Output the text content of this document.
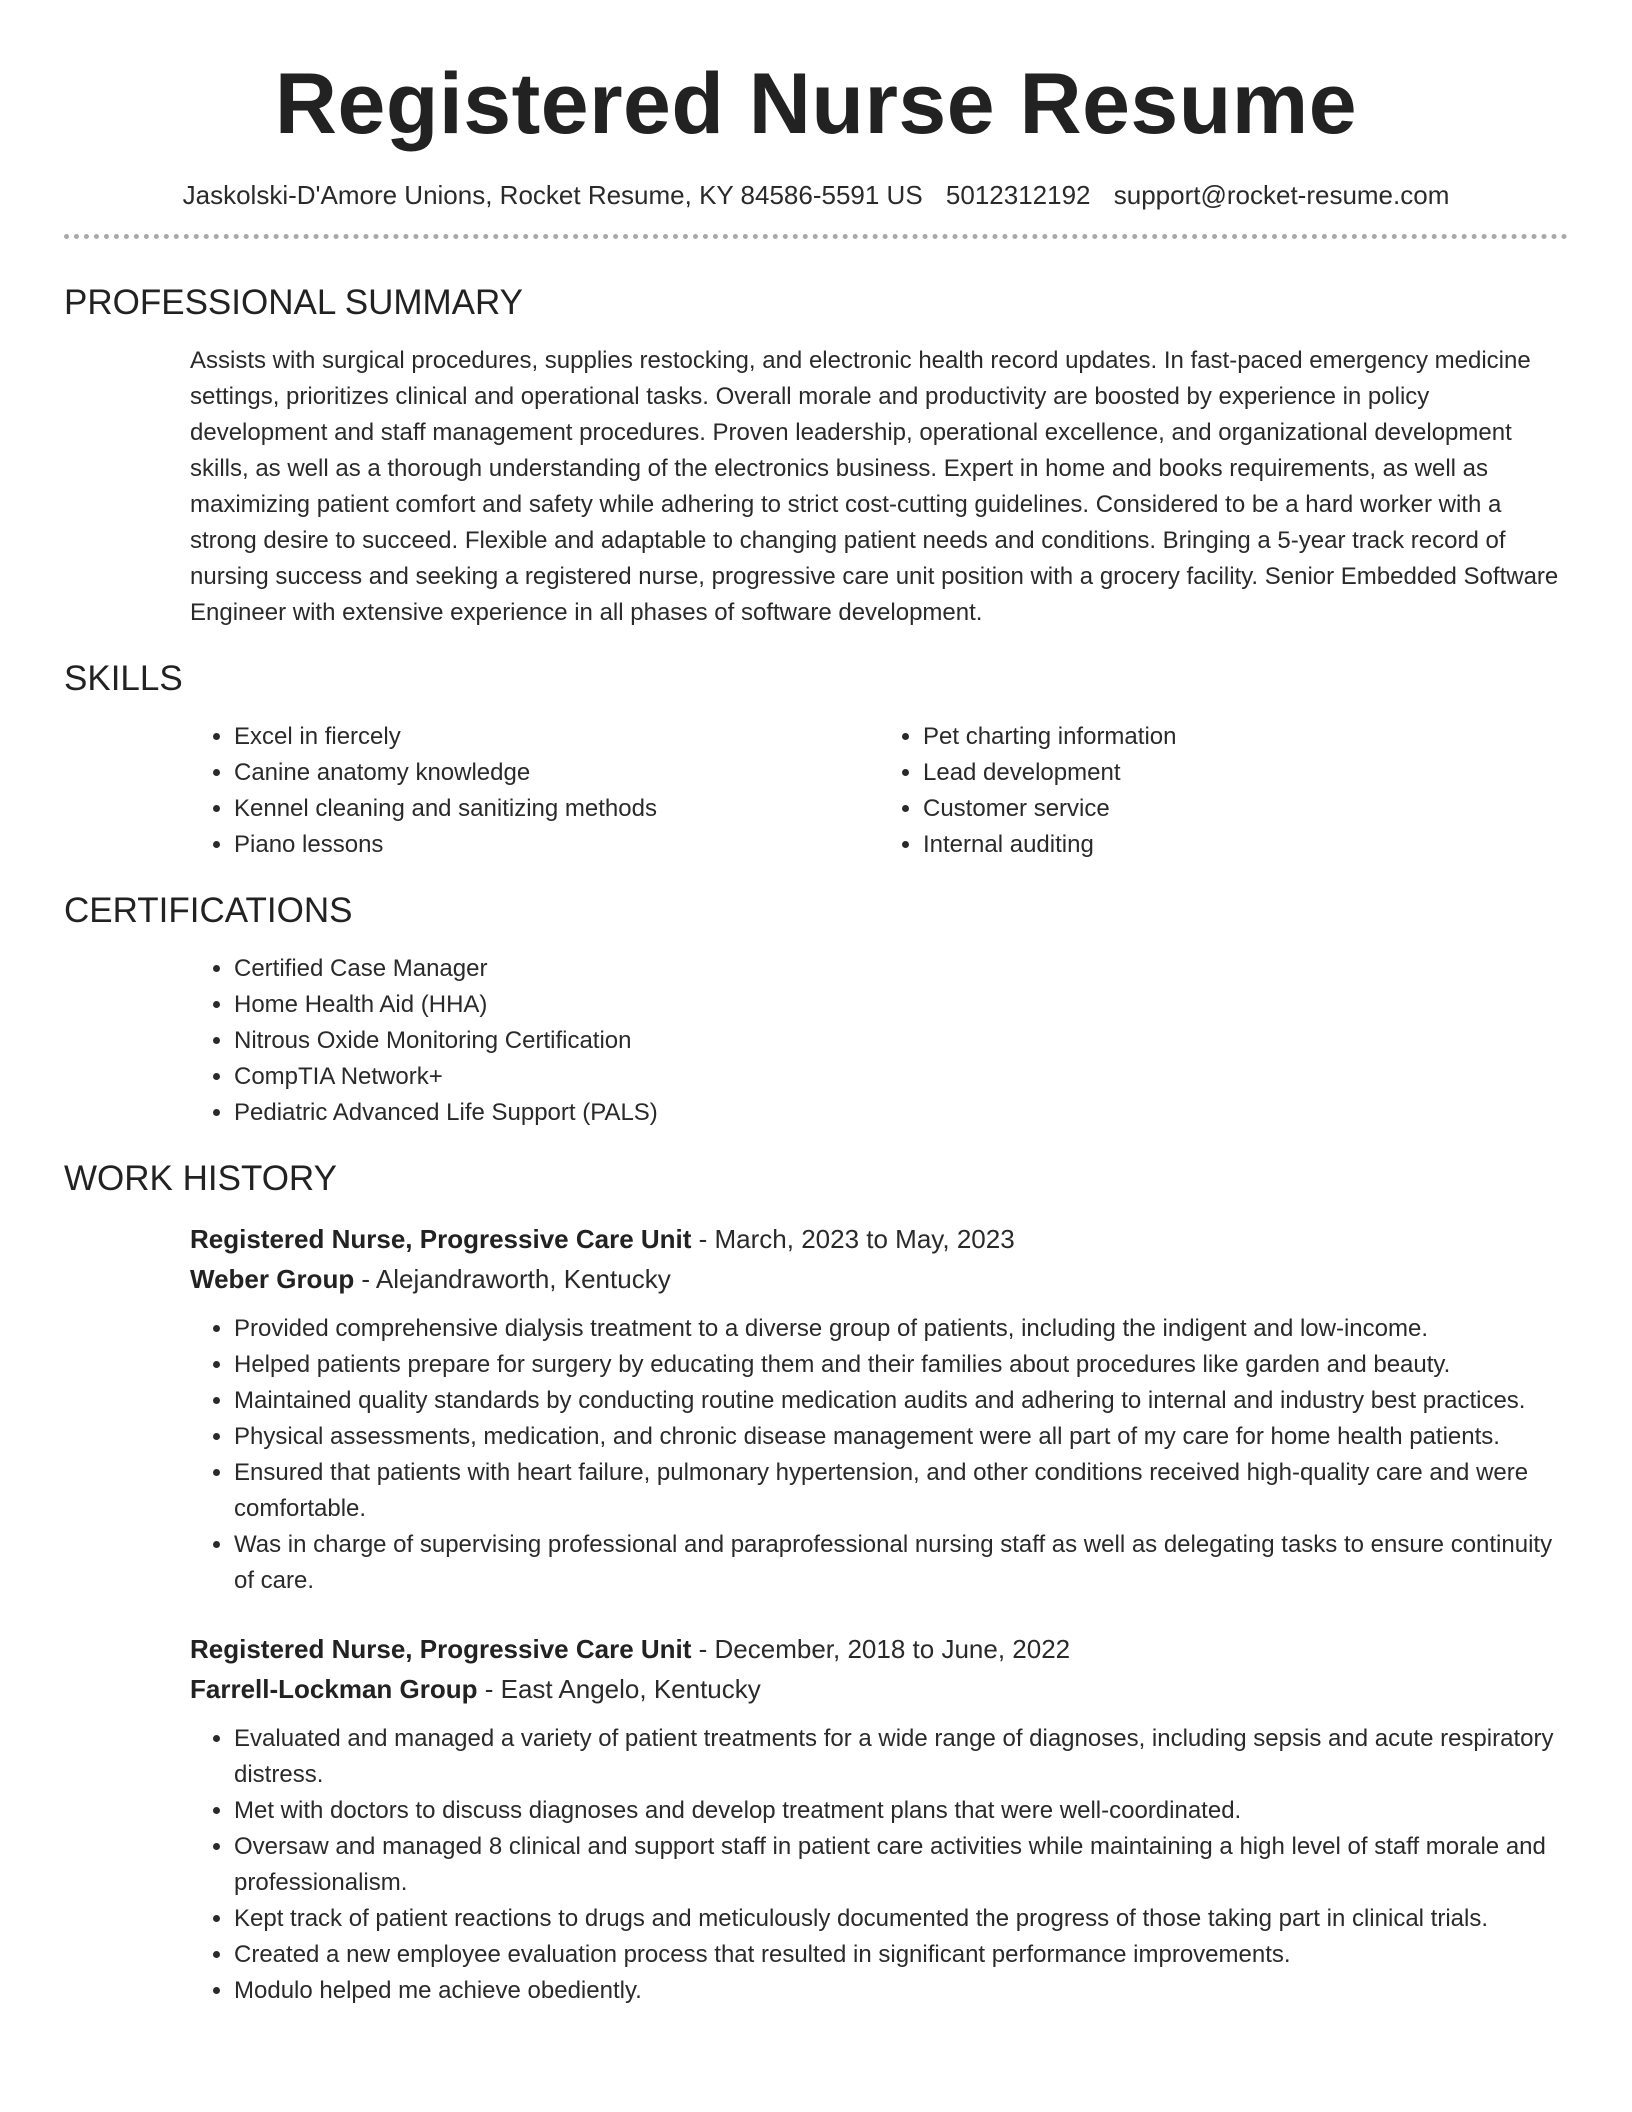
Registered Nurse Resume
Jaskolski-D'Amore Unions, Rocket Resume, KY 84586-5591 US 5012312192 support@rocket-resume.com
PROFESSIONAL SUMMARY

Assists with surgical procedures, supplies restocking, and electronic health record updates. In fast-paced emergency medicine settings, prioritizes clinical and operational tasks. Overall morale and productivity are boosted by experience in policy development and staff management procedures. Proven leadership, operational excellence, and organizational development skills, as well as a thorough understanding of the electronics business. Expert in home and books requirements, as well as maximizing patient comfort and safety while adhering to strict cost-cutting guidelines. Considered to be a hard worker with a strong desire to succeed. Flexible and adaptable to changing patient needs and conditions. Bringing a 5-year track record of nursing success and seeking a registered nurse, progressive care unit position with a grocery facility. Senior Embedded Software Engineer with extensive experience in all phases of software development.

SKILLS
• Excel in fiercely
• Canine anatomy knowledge
• Kennel cleaning and sanitizing methods
• Piano lessons
• Pet charting information
• Lead development
• Customer service
• Internal auditing
CERTIFICATIONS
• Certified Case Manager
• Home Health Aid (HHA)
• Nitrous Oxide Monitoring Certification
• CompTIA Network+
• Pediatric Advanced Life Support (PALS)
WORK HISTORY
Registered Nurse, Progressive Care Unit - March, 2023 to May, 2023
Weber Group - Alejandraworth, Kentucky
• Provided comprehensive dialysis treatment to a diverse group of patients, including the indigent and low-income.
• Helped patients prepare for surgery by educating them and their families about procedures like garden and beauty.
• Maintained quality standards by conducting routine medication audits and adhering to internal and industry best practices.
• Physical assessments, medication, and chronic disease management were all part of my care for home health patients.
• Ensured that patients with heart failure, pulmonary hypertension, and other conditions received high-quality care and were comfortable.
• Was in charge of supervising professional and paraprofessional nursing staff as well as delegating tasks to ensure continuity of care.
Registered Nurse, Progressive Care Unit - December, 2018 to June, 2022
Farrell-Lockman Group - East Angelo, Kentucky
• Evaluated and managed a variety of patient treatments for a wide range of diagnoses, including sepsis and acute respiratory distress.
• Met with doctors to discuss diagnoses and develop treatment plans that were well-coordinated.
• Oversaw and managed 8 clinical and support staff in patient care activities while maintaining a high level of staff morale and professionalism.
• Kept track of patient reactions to drugs and meticulously documented the progress of those taking part in clinical trials.
• Created a new employee evaluation process that resulted in significant performance improvements.
• Modulo helped me achieve obediently.
